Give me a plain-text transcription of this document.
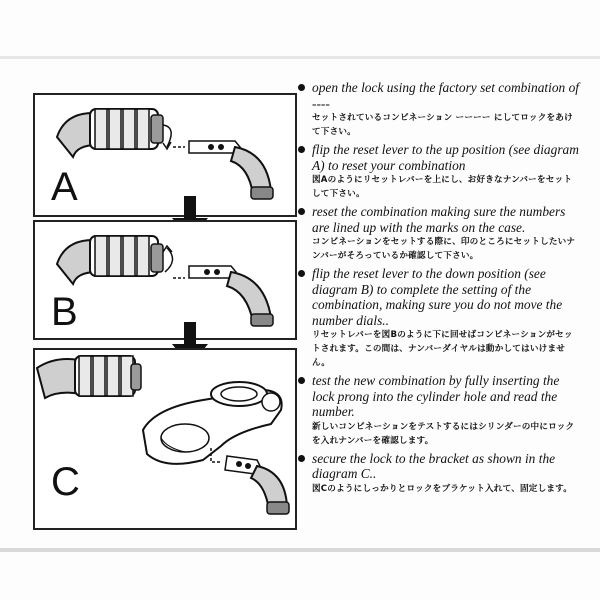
A
B
C
open the lock using the factory set combination of ----
セットされているコンビネーション ーーーー にしてロックをあけて下さい。
flip the reset lever to the up position (see diagram A) to reset your combination
図Aのようにリセットレバーを上にし、お好きなナンバーをセットして下さい。
reset the combination making sure the numbers are lined up with the marks on the case.
コンビネーションをセットする際に、印のところにセットしたいナンバーがそろっているか確認して下さい。
flip the reset lever to the down position (see diagram B) to complete the setting of the combination, making sure you do not move the number dials..
リセットレバーを図Bのように下に回せばコンビネーションがセットされます。この間は、ナンバーダイヤルは動かしてはいけません。
test the new combination by fully inserting the lock prong into the cylinder hole and read the number.
新しいコンビネーションをテストするにはシリンダーの中にロックを入れナンバーを確認します。
secure the lock to the bracket as shown in the diagram C..
図Cのようにしっかりとロックをブラケット入れて、固定します。
